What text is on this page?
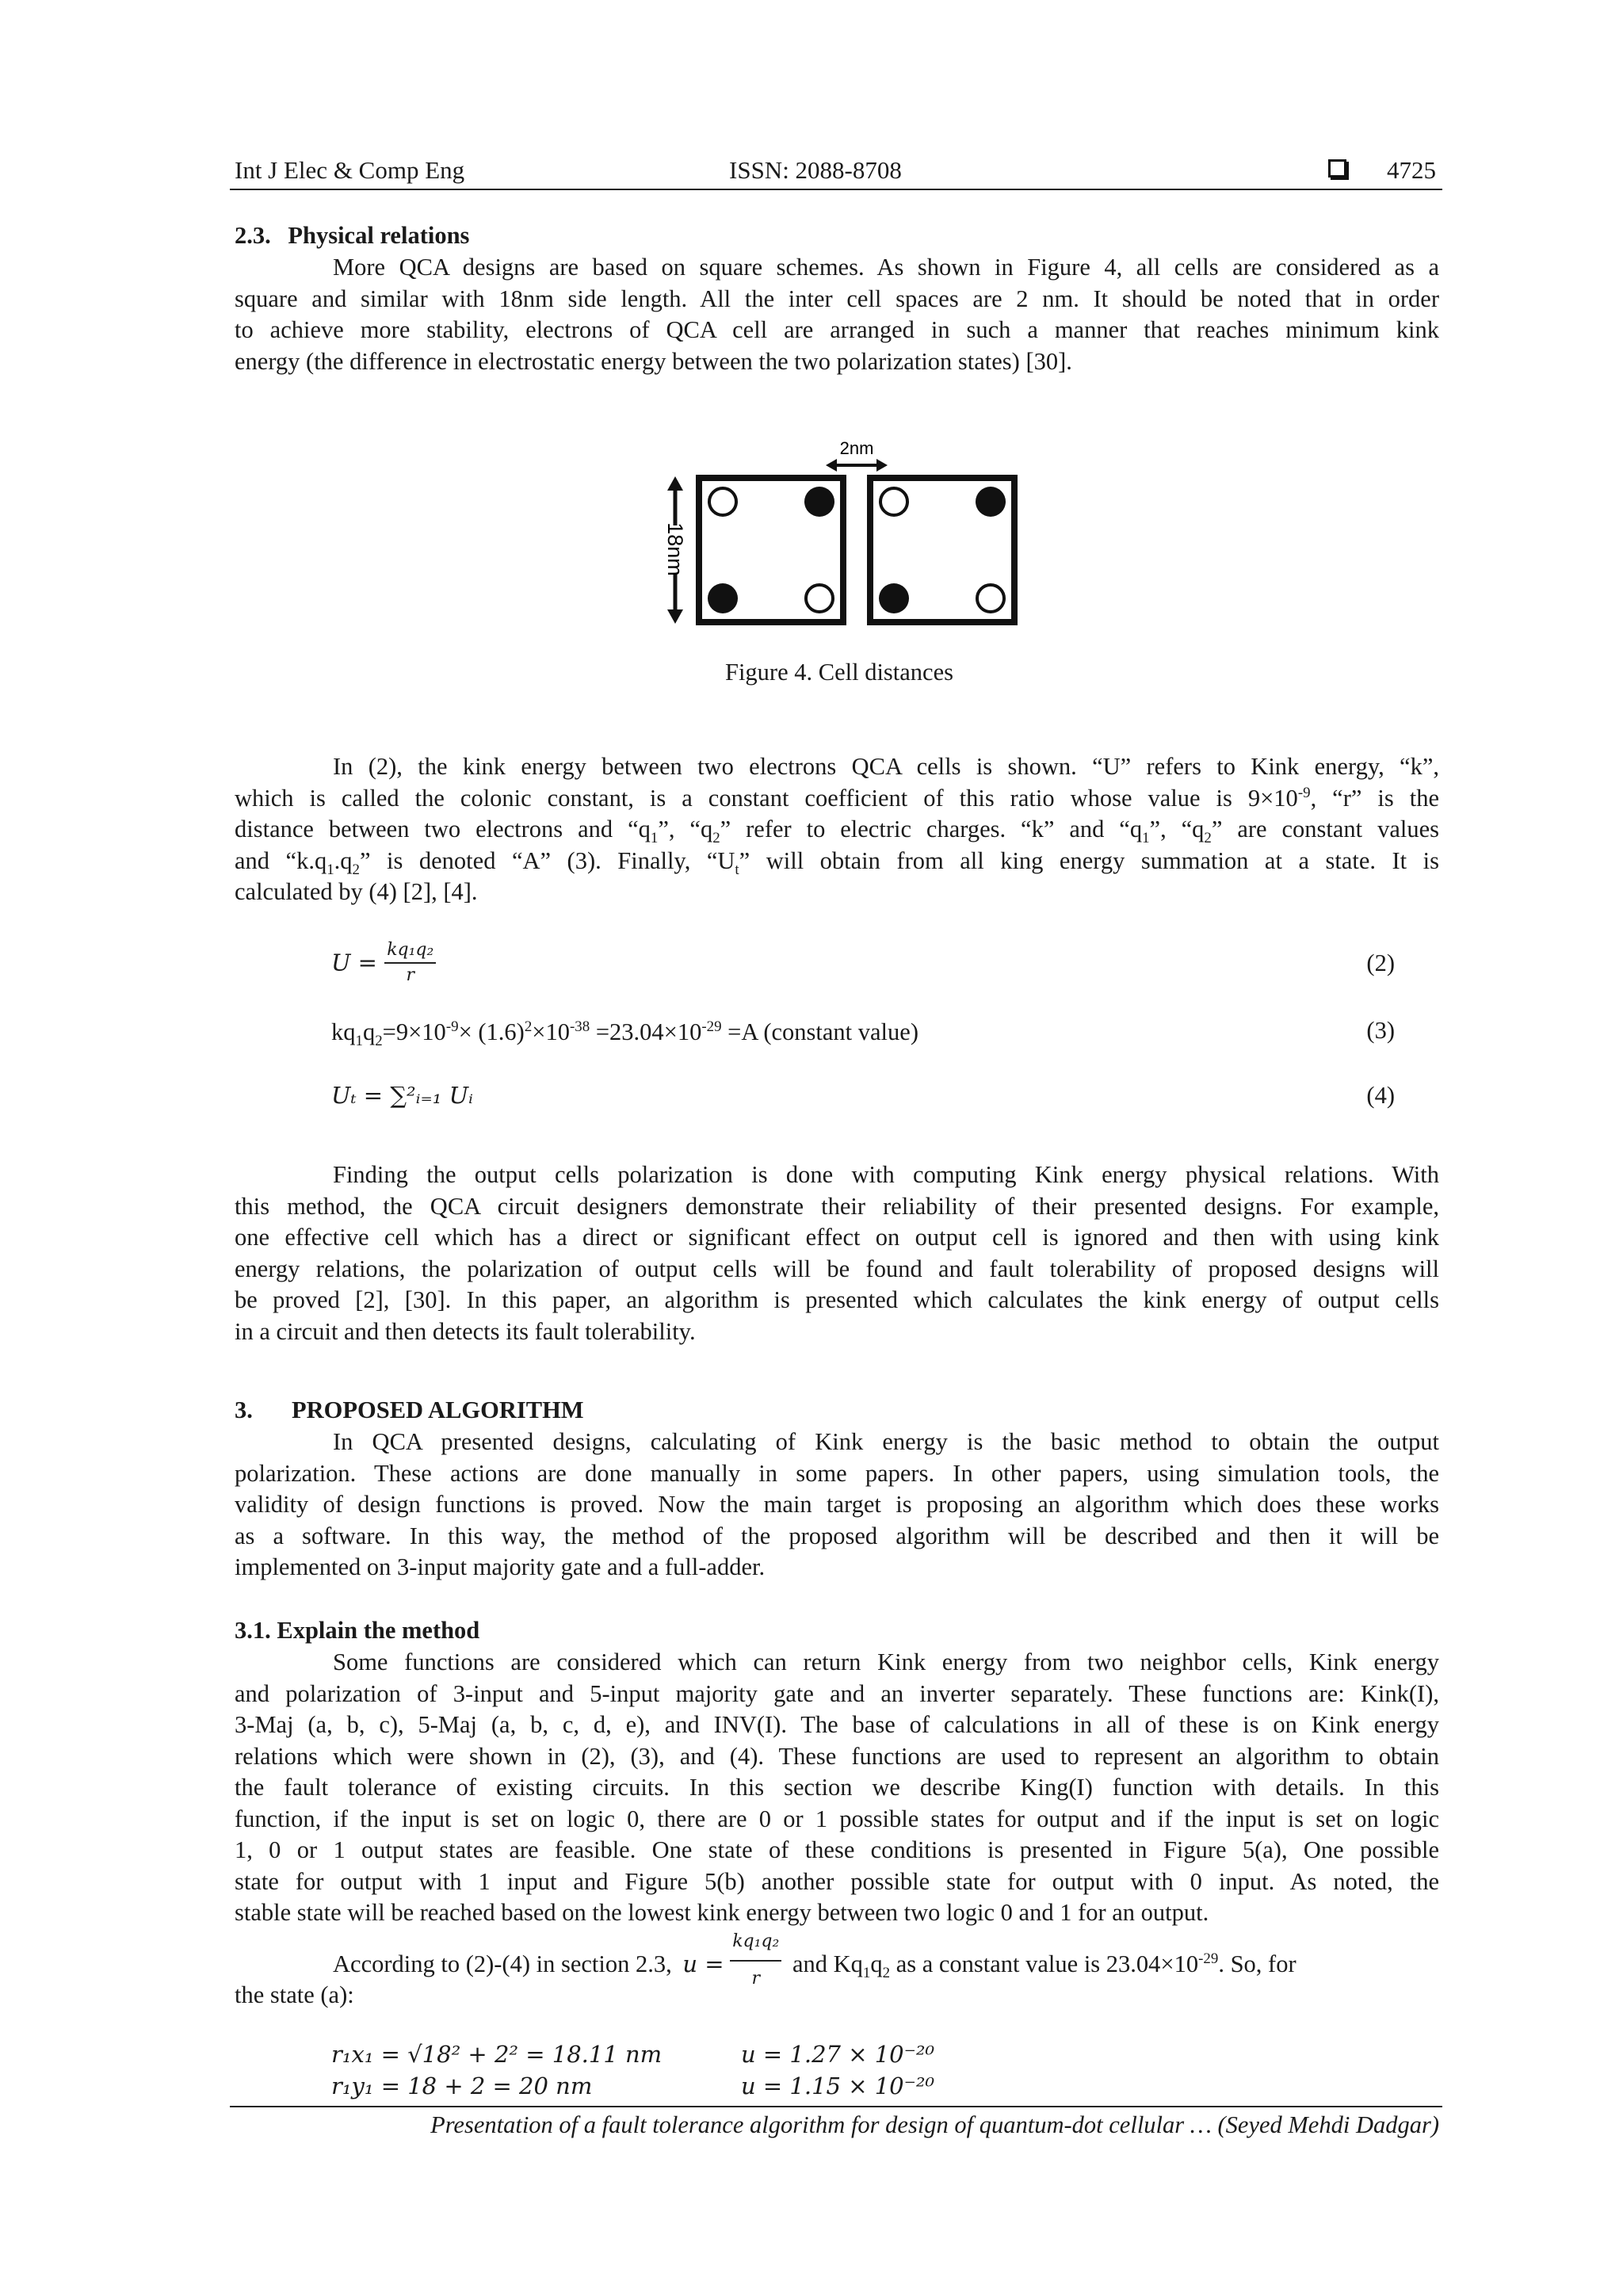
Int J Elec & Comp Eng	ISSN: 2088-8708	4725
2.3. Physical relations
More QCA designs are based on square schemes. As shown in Figure 4, all cells are considered as a
square and similar with 18nm side length. All the inter cell spaces are 2 nm. It should be noted that in order
to achieve more stability, electrons of QCA cell are arranged in such a manner that reaches minimum kink
energy (the difference in electrostatic energy between the two polarization states) [30].
2nm
18nm
Figure 4. Cell distances
In (2), the kink energy between two electrons QCA cells is shown. “U” refers to Kink energy, “k”,
which is called the colonic constant, is a constant coefficient of this ratio whose value is $9\times 10^{-9}$, “r” is the
distance between two electrons and “$q_1$”, “$q_2$” refer to electric charges. “k” and “$q_1$”, “$q_2$” are constant values
and “$k.q_1.q_2$” is denoted “A” (3). Finally, “$U_t$” will obtain from all king energy summation at a state. It is
calculated by (4) [2], [4].
$U = \frac{\text{kq₁q₂}}{r}$	(2)
$kq_1q_2=9\times 10^{-9}\times (1.6)^2\times 10^{-38} =23.04\times 10^{-29} =A$ (constant value)	(3)
Uₜ = ∑²ᵢ₌₁ Uᵢ	(4)
Finding the output cells polarization is done with computing Kink energy physical relations. With
this method, the QCA circuit designers demonstrate their reliability of their presented designs. For example,
one effective cell which has a direct or significant effect on output cell is ignored and then with using kink
energy relations, the polarization of output cells will be found and fault tolerability of proposed designs will
be proved [2], [30]. In this paper, an algorithm is presented which calculates the kink energy of output cells
in a circuit and then detects its fault tolerability.
3. PROPOSED ALGORITHM
In QCA presented designs, calculating of Kink energy is the basic method to obtain the output
polarization. These actions are done manually in some papers. In other papers, using simulation tools, the
validity of design functions is proved. Now the main target is proposing an algorithm which does these works
as a software. In this way, the method of the proposed algorithm will be described and then it will be
implemented on 3-input majority gate and a full-adder.
3.1. Explain the method
Some functions are considered which can return Kink energy from two neighbor cells, Kink energy
and polarization of 3-input and 5-input majority gate and an inverter separately. These functions are: Kink(I),
3-Maj (a, b, c), 5-Maj (a, b, c, d, e), and INV(I). The base of calculations in all of these is on Kink energy
relations which were shown in (2), (3), and (4). These functions are used to represent an algorithm to obtain
the fault tolerance of existing circuits. In this section we describe King(I) function with details. In this
function, if the input is set on logic 0, there are 0 or 1 possible states for output and if the input is set on logic
1, 0 or 1 output states are feasible. One state of these conditions is presented in Figure 5(a), One possible
state for output with 1 input and Figure 5(b) another possible state for output with 0 input. As noted, the
stable state will be reached based on the lowest kink energy between two logic 0 and 1 for an output.
According to (2)-(4) in section 2.3, $u = \frac{\text{kq₁q₂}}{r}$ and $Kq_1q_2$ as a constant value is $23.04\times 10^{-29}$. So, for
the state (a):
r₁x₁ = √18² + 2² = 18.11 nm	u = 1.27 × 10⁻²⁰
r₁y₁ = 18 + 2 = 20 nm	u = 1.15 × 10⁻²⁰
Presentation of a fault tolerance algorithm for design of quantum-dot cellular … (Seyed Mehdi Dadgar)
